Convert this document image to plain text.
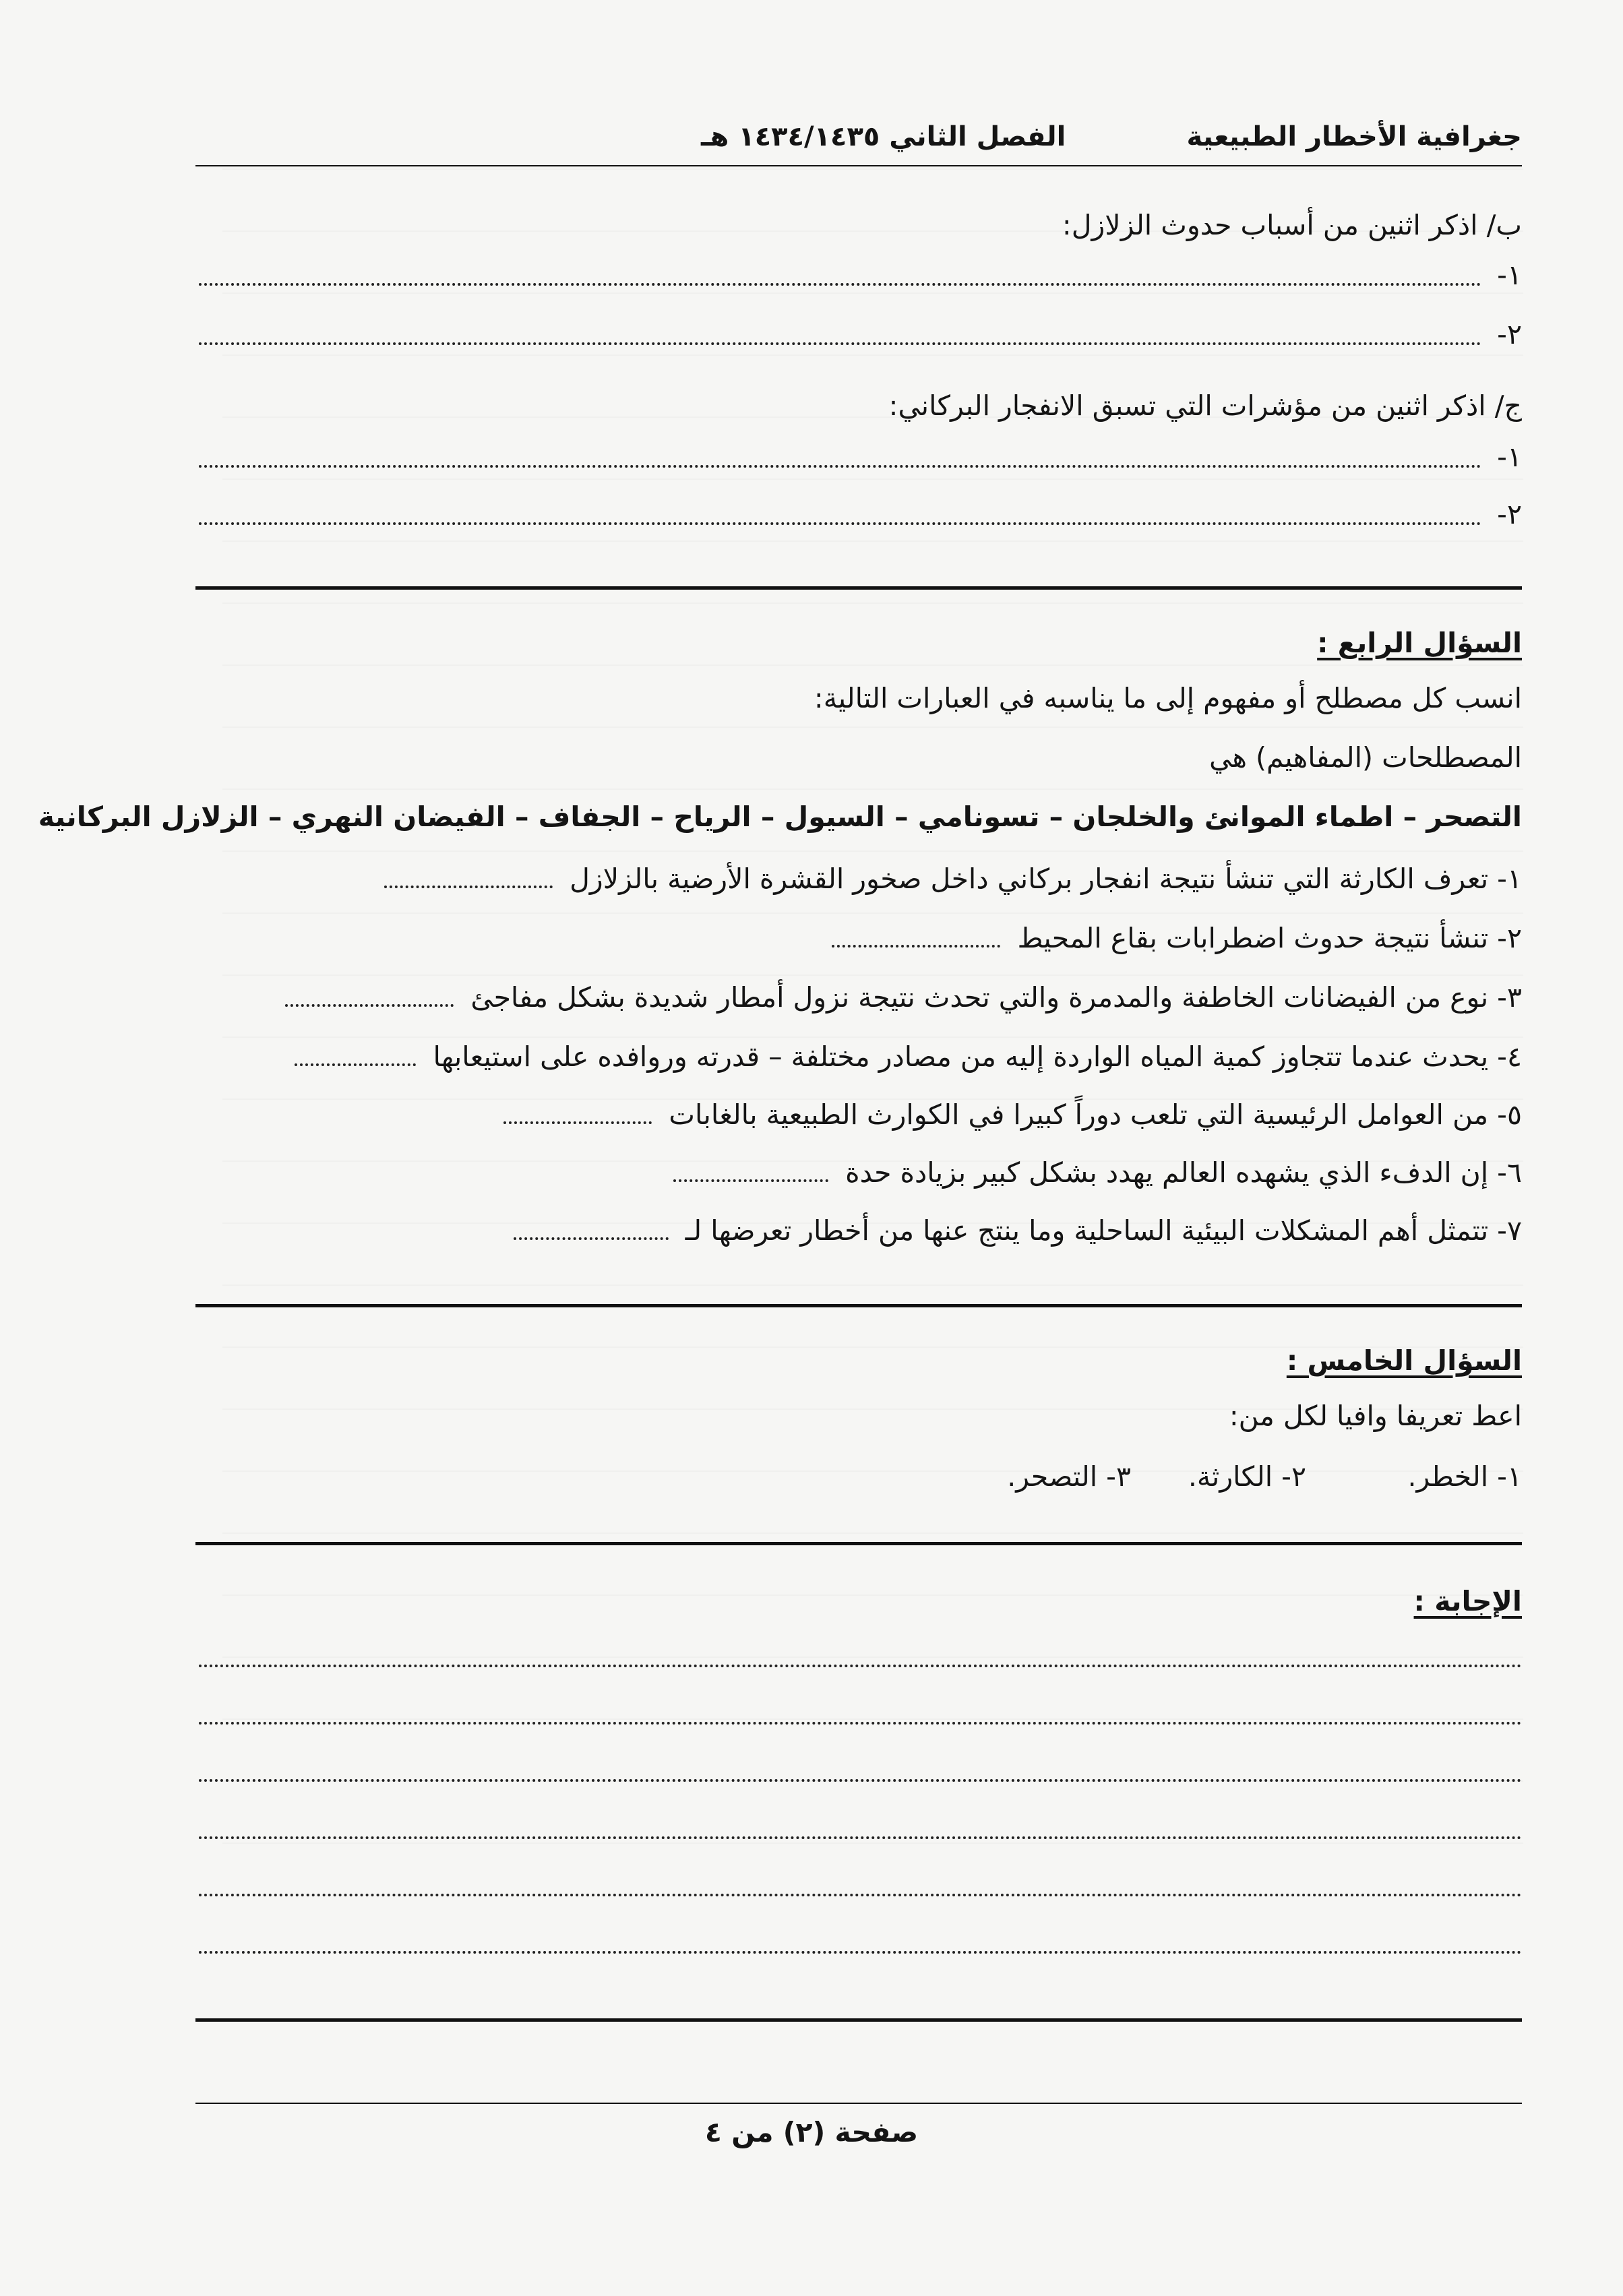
جغرافية الأخطار الطبيعية
الفصل الثاني ١٤٣٤/١٤٣٥ هـ
ب/ اذكر اثنين من أسباب حدوث الزلازل:
١-
٢-
ج/ اذكر اثنين من مؤشرات التي تسبق الانفجار البركاني:
١-
٢-
السؤال الرابع :
انسب كل مصطلح أو مفهوم إلى ما يناسبه في العبارات التالية:
المصطلحات (المفاهيم) هي
التصحر – اطماء الموانئ والخلجان – تسونامي – السيول – الرياح – الجفاف – الفيضان النهري – الزلازل البركانية
١- تعرف الكارثة التي تنشأ نتيجة انفجار بركاني داخل صخور القشرة الأرضية بالزلازل
٢- تنشأ نتيجة حدوث اضطرابات بقاع المحيط
٣- نوع من الفيضانات الخاطفة والمدمرة والتي تحدث نتيجة نزول أمطار شديدة بشكل مفاجئ
٤- يحدث عندما تتجاوز كمية المياه الواردة إليه من مصادر مختلفة – قدرته وروافده على استيعابها
٥- من العوامل الرئيسية التي تلعب دوراً كبيرا في الكوارث الطبيعية بالغابات
٦- إن الدفء الذي يشهده العالم يهدد بشكل كبير بزيادة حدة
٧- تتمثل أهم المشكلات البيئية الساحلية وما ينتج عنها من أخطار تعرضها لـ
السؤال الخامس :
اعط تعريفا وافيا لكل من:
١- الخطر.
٢- الكارثة.
٣- التصحر.
الإجابة :
صفحة (٢) من ٤
